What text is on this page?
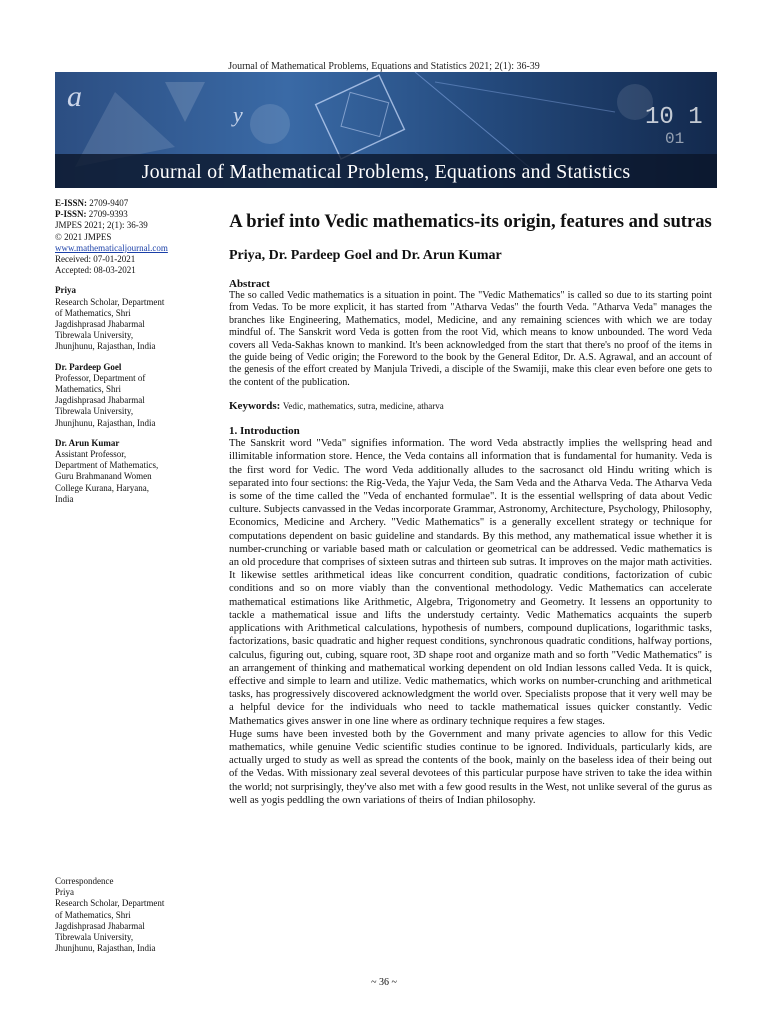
Journal of Mathematical Problems, Equations and Statistics 2021; 2(1): 36-39
a
y	10 1
01
Journal of Mathematical Problems, Equations and Statistics
E-ISSN: 2709-9407
P-ISSN: 2709-9393
JMPES 2021; 2(1): 36-39
© 2021 JMPES
www.mathematicaljournal.com
Received: 07-01-2021
Accepted: 08-03-2021
Priya
Research Scholar, Department
of Mathematics, Shri
Jagdishprasad Jhabarmal
Tibrewala University,
Jhunjhunu, Rajasthan, India
Dr. Pardeep Goel
Professor, Department of
Mathematics, Shri
Jagdishprasad Jhabarmal
Tibrewala University,
Jhunjhunu, Rajasthan, India
Dr. Arun Kumar
Assistant Professor,
Department of Mathematics,
Guru Brahmanand Women
College Kurana, Haryana,
India
Correspondence
Priya
Research Scholar, Department
of Mathematics, Shri
Jagdishprasad Jhabarmal
Tibrewala University,
Jhunjhunu, Rajasthan, India
A brief into Vedic mathematics-its origin, features and sutras
Priya, Dr. Pardeep Goel and Dr. Arun Kumar
Abstract

The so called Vedic mathematics is a situation in point. The "Vedic Mathematics" is called so due to its starting point from Vedas. To be more explicit, it has started from "Atharva Vedas" the fourth Veda. "Atharva Veda" manages the branches like Engineering, Mathematics, model, Medicine, and any remaining sciences with which we are today mindful of. The Sanskrit word Veda is gotten from the root Vid, which means to know unbounded. The word Veda covers all Veda-Sakhas known to mankind. It's been acknowledged from the start that there's no proof of the items in the guide being of Vedic origin; the Foreword to the book by the General Editor, Dr. A.S. Agrawal, and an account of the genesis of the effort created by Manjula Trivedi, a disciple of the Swamiji, make this clear even before one gets to the content of the publication.

Keywords: Vedic, mathematics, sutra, medicine, atharva
1. Introduction

The Sanskrit word "Veda" signifies information. The word Veda abstractly implies the wellspring head and illimitable information store. Hence, the Veda contains all information that is fundamental for humanity. Veda is the first word for Vedic. The word Veda additionally alludes to the sacrosanct old Hindu writing which is separated into four sections: the Rig-Veda, the Yajur Veda, the Sam Veda and the Atharva Veda. The Atharva Veda is some of the time called the "Veda of enchanted formulae". It is the essential wellspring of data about Vedic culture. Subjects canvassed in the Vedas incorporate Grammar, Astronomy, Architecture, Psychology, Philosophy, Economics, Medicine and Archery. "Vedic Mathematics" is a generally excellent strategy or technique for computations dependent on basic guideline and standards. By this method, any mathematical issue whether it is number-crunching or variable based math or calculation or geometrical can be addressed. Vedic mathematics is an old procedure that comprises of sixteen sutras and thirteen sub sutras. It improves on the major math activities. It likewise settles arithmetical ideas like concurrent condition, quadratic conditions, factorization of cubic conditions and so on more viably than the conventional methodology. Vedic Mathematics can accelerate mathematical estimations like Arithmetic, Algebra, Trigonometry and Geometry. It lessens an opportunity to tackle a mathematical issue and lifts the understudy certainty. Vedic Mathematics acquaints the superb applications with Arithmetical calculations, hypothesis of numbers, compound duplications, logarithmic tasks, factorizations, basic quadratic and higher request conditions, synchronous quadratic conditions, halfway portions, calculus, figuring out, cubing, square root, 3D shape root and organize math and so forth "Vedic Mathematics" is an arrangement of thinking and mathematical working dependent on old Indian lessons called Veda. It is quick, effective and simple to learn and utilize. Vedic mathematics, which works on number-crunching and arithmetical tasks, has progressively discovered acknowledgment the world over. Specialists propose that it very well may be a helpful device for the individuals who need to tackle mathematical issues quicker constantly. Vedic Mathematics gives answer in one line where as ordinary technique requires a few stages.

Huge sums have been invested both by the Government and many private agencies to allow for this Vedic mathematics, while genuine Vedic scientific studies continue to be ignored. Individuals, particularly kids, are actually urged to study as well as spread the contents of the book, mainly on the baseless idea of their being out of the Vedas. With missionary zeal several devotees of this particular purpose have striven to take the idea within the world; not surprisingly, they've also met with a few good results in the West, not unlike several of the gurus as well as yogis peddling the own variations of theirs of Indian philosophy.

~ 36 ~
